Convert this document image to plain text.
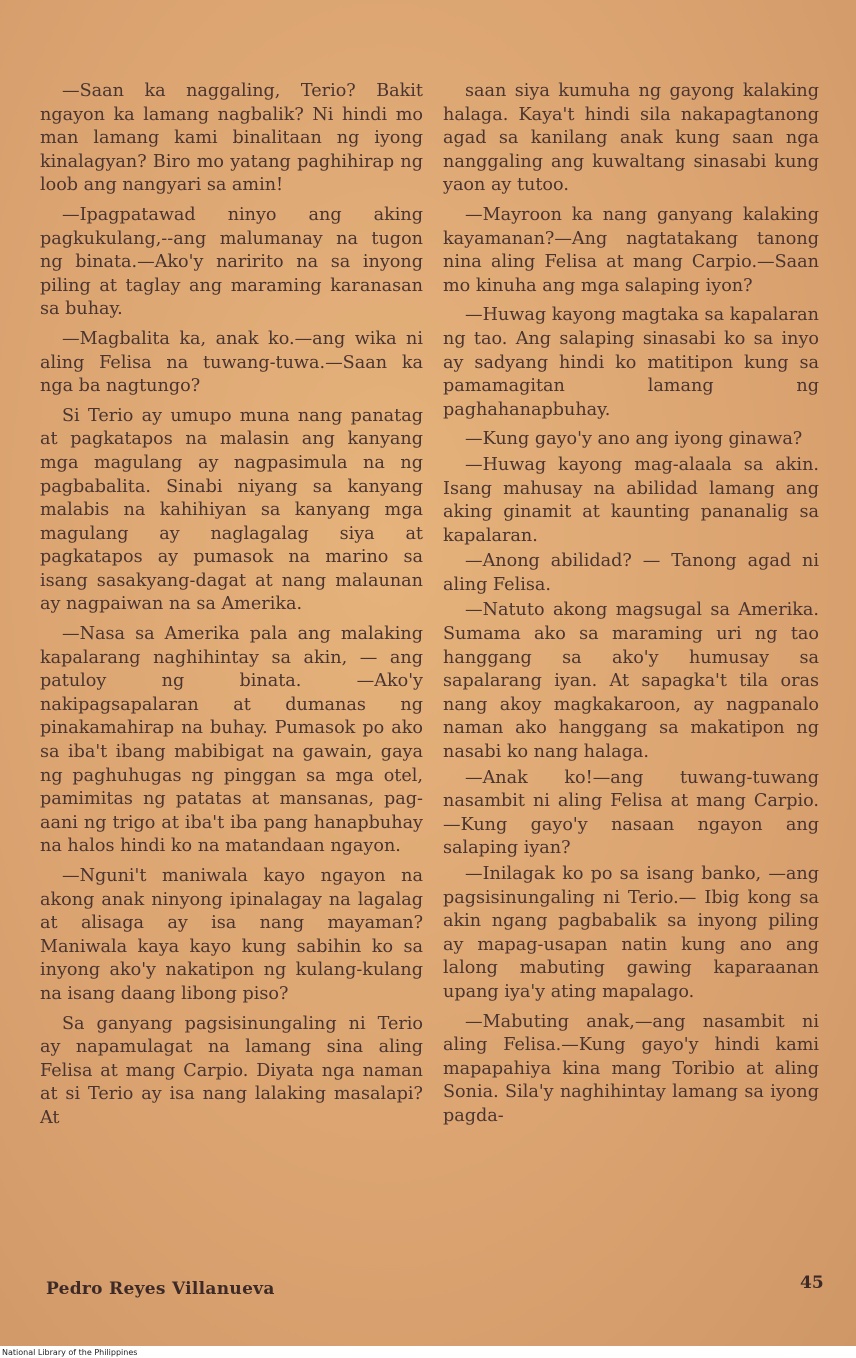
—Saan ka naggaling, Terio? Bakit ngayon ka lamang nagbalik? Ni hindi mo man lamang kami binalitaan ng iyong kinalagyan? Biro mo yatang paghihirap ng loob ang nangyari sa amin!

—Ipagpatawad ninyo ang aking pagkukulang,--ang malumanay na tugon ng binata.—Ako'y naririto na sa inyong piling at taglay ang maraming karanasan sa buhay.

—Magbalita ka, anak ko.—ang wika ni aling Felisa na tuwang-tuwa.—Saan ka nga ba nagtungo?

Si Terio ay umupo muna nang panatag at pagkatapos na malasin ang kanyang mga magulang ay nagpasimula na ng pagbabalita. Sinabi niyang sa kanyang malabis na kahihiyan sa kanyang mga magulang ay naglagalag siya at pagkatapos ay pumasok na marino sa isang sasakyang-dagat at nang malaunan ay nagpaiwan na sa Amerika.

—Nasa sa Amerika pala ang malaking kapalarang naghihintay sa akin, — ang patuloy ng binata. —Ako'y nakipagsapalaran at dumanas ng pinakamahirap na buhay. Pumasok po ako sa iba't ibang mabibigat na gawain, gaya ng paghuhugas ng pinggan sa mga otel, pamimitas ng patatas at mansanas, pag-aani ng trigo at iba't iba pang hanapbuhay na halos hindi ko na matandaan ngayon.

—Nguni't maniwala kayo ngayon na akong anak ninyong ipinalagay na lagalag at alisaga ay isa nang mayaman? Maniwala kaya kayo kung sabihin ko sa inyong ako'y nakatipon ng kulang-kulang na isang daang libong piso?

Sa ganyang pagsisinungaling ni Terio ay napamulagat na lamang sina aling Felisa at mang Carpio. Diyata nga naman at si Terio ay isa nang lalaking masalapi? At

saan siya kumuha ng gayong kalaking halaga. Kaya't hindi sila nakapagtanong agad sa kanilang anak kung saan nga nanggaling ang kuwaltang sinasabi kung yaon ay tutoo.

—Mayroon ka nang ganyang kalaking kayamanan?—Ang nagtatakang tanong nina aling Felisa at mang Carpio.—Saan mo kinuha ang mga salaping iyon?

—Huwag kayong magtaka sa kapalaran ng tao. Ang salaping sinasabi ko sa inyo ay sadyang hindi ko matitipon kung sa pamamagitan lamang ng paghahanapbuhay.

—Kung gayo'y ano ang iyong ginawa?

—Huwag kayong mag-alaala sa akin. Isang mahusay na abilidad lamang ang aking ginamit at kaunting pananalig sa kapalaran.

—Anong abilidad? — Tanong agad ni aling Felisa.

—Natuto akong magsugal sa Amerika. Sumama ako sa maraming uri ng tao hanggang sa ako'y humusay sa sapalarang iyan. At sapagka't tila oras nang akoy magkakaroon, ay nagpanalo naman ako hanggang sa makatipon ng nasabi ko nang halaga.

—Anak ko!—ang tuwang-tuwang nasambit ni aling Felisa at mang Carpio.—Kung gayo'y nasaan ngayon ang salaping iyan?

—Inilagak ko po sa isang banko, —ang pagsisinungaling ni Terio.— Ibig kong sa akin ngang pagbabalik sa inyong piling ay mapag-usapan natin kung ano ang lalong mabuting gawing kaparaanan upang iya'y ating mapalago.

—Mabuting anak,—ang nasambit ni aling Felisa.—Kung gayo'y hindi kami mapapahiya kina mang Toribio at aling Sonia. Sila'y naghihintay lamang sa iyong pagda-

Pedro Reyes Villanueva	45
National Library of the Philippines
